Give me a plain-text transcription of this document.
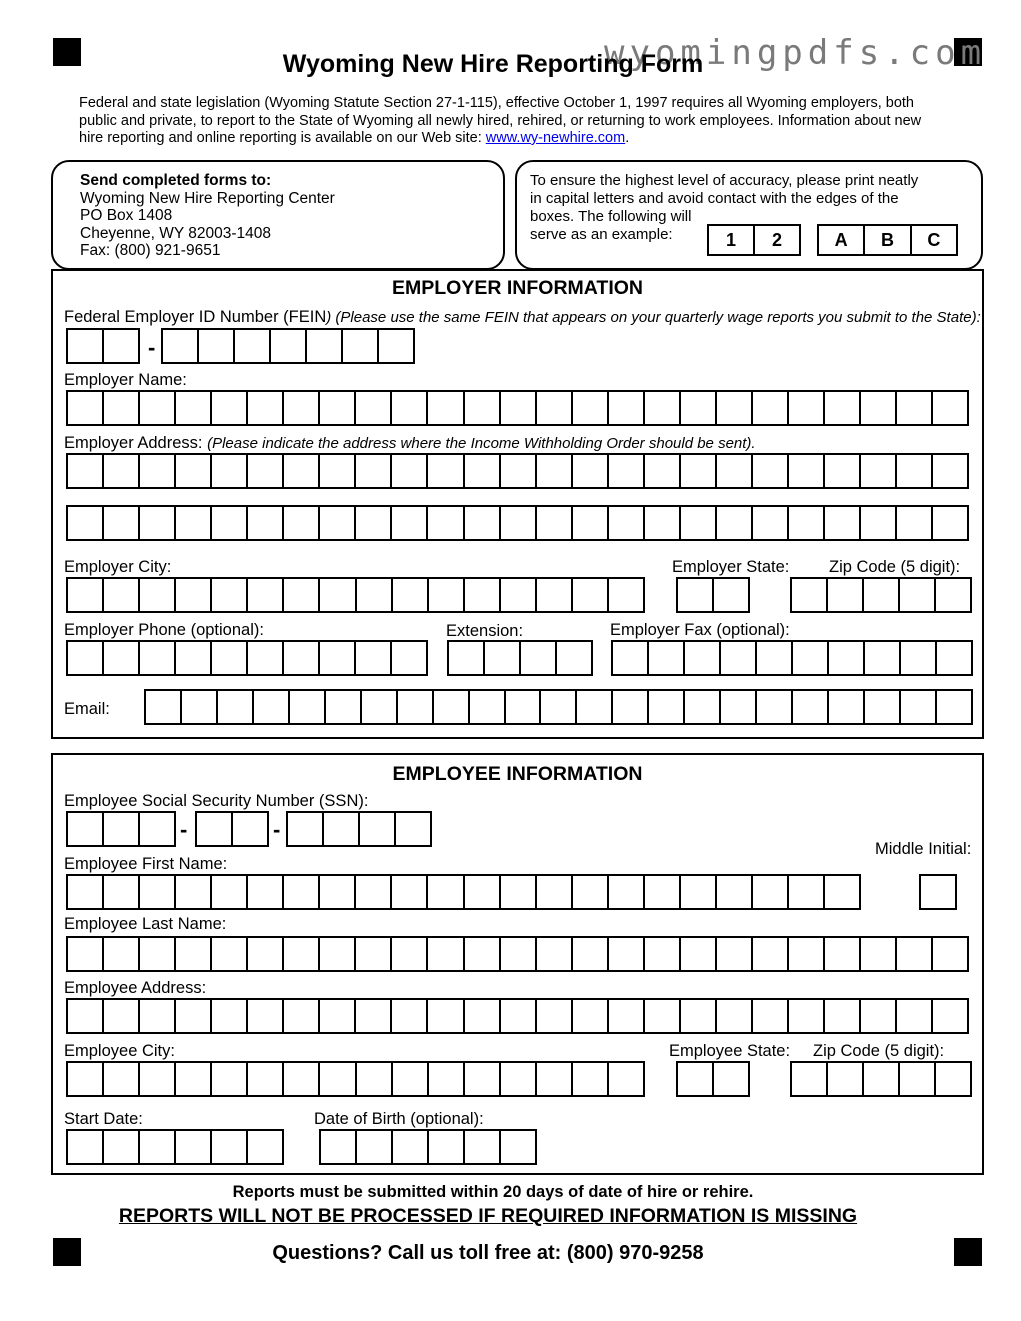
wyomingpdfs.com
Wyoming New Hire Reporting Form
Federal and state legislation (Wyoming Statute Section 27-1-115), effective October 1, 1997 requires all Wyoming employers, both public and private, to report to the State of Wyoming all newly hired, rehired, or returning to work employees. Information about new hire reporting and online reporting is available on our Web site: www.wy-newhire.com.
Send completed forms to:
Wyoming New Hire Reporting Center
PO Box 1408
Cheyenne, WY 82003-1408
Fax: (800) 921-9651
To ensure the highest level of accuracy, please print neatly
in capital letters and avoid contact with the edges of the
boxes. The following will
serve as an example:	1	2	A	B	C
EMPLOYER INFORMATION
Federal Employer ID Number (FEIN) (Please use the same FEIN that appears on your quarterly wage reports you submit to the State):
-
Employer Name:
Employer Address: (Please indicate the address where the Income Withholding Order should be sent).
Employer City:	Employer State: Zip Code (5 digit):
Employer Phone (optional):	Extension:	Employer Fax (optional):
Email:
EMPLOYEE INFORMATION
Employee Social Security Number (SSN):
-	-
Middle Initial:
Employee First Name:
Employee Last Name:
Employee Address:
Employee City:	Employee State: Zip Code (5 digit):
Start Date:	Date of Birth (optional):
Reports must be submitted within 20 days of date of hire or rehire.
REPORTS WILL NOT BE PROCESSED IF REQUIRED INFORMATION IS MISSING
Questions? Call us toll free at: (800) 970-9258
